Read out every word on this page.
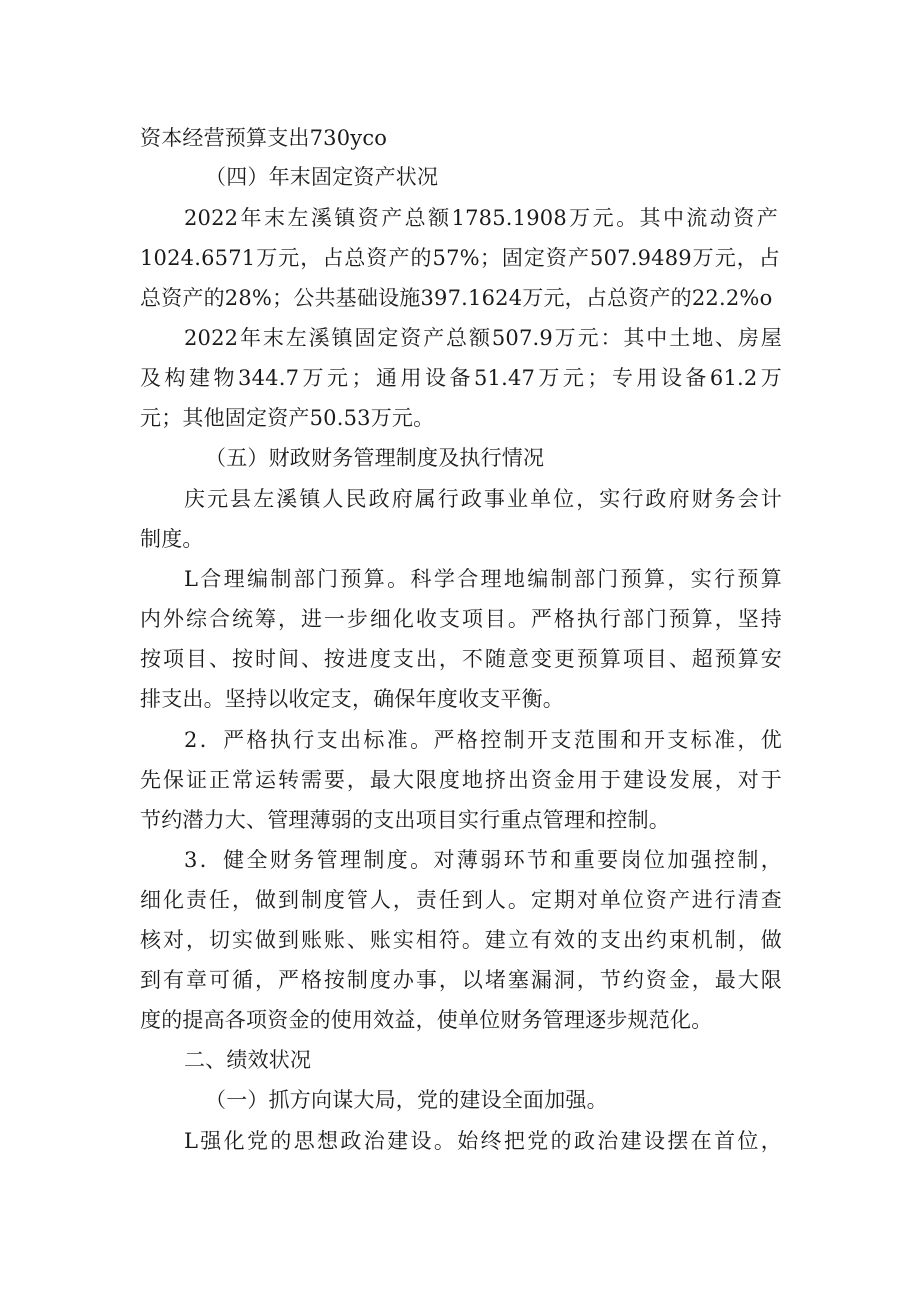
资本经营预算支出730yco
（四）年末固定资产状况
2022年末左溪镇资产总额1785.1908万元。其中流动资产
1024.6571万元，占总资产的57%；固定资产507.9489万元，占
总资产的28%；公共基础设施397.1624万元，占总资产的22.2%o
2022年末左溪镇固定资产总额507.9万元：其中土地、房屋
及构建物344.7万元；通用设备51.47万元；专用设备61.2万
元；其他固定资产50.53万元。
（五）财政财务管理制度及执行情况
庆元县左溪镇人民政府属行政事业单位，实行政府财务会计
制度。
L合理编制部门预算。科学合理地编制部门预算，实行预算
内外综合统筹，进一步细化收支项目。严格执行部门预算，坚持
按项目、按时间、按进度支出，不随意变更预算项目、超预算安
排支出。坚持以收定支，确保年度收支平衡。
2．严格执行支出标准。严格控制开支范围和开支标准，优
先保证正常运转需要，最大限度地挤出资金用于建设发展，对于
节约潜力大、管理薄弱的支出项目实行重点管理和控制。
3．健全财务管理制度。对薄弱环节和重要岗位加强控制，
细化责任，做到制度管人，责任到人。定期对单位资产进行清查
核对，切实做到账账、账实相符。建立有效的支出约束机制，做
到有章可循，严格按制度办事，以堵塞漏洞，节约资金，最大限
度的提高各项资金的使用效益，使单位财务管理逐步规范化。
二、绩效状况
（一）抓方向谋大局，党的建设全面加强。
L强化党的思想政治建设。始终把党的政治建设摆在首位，
